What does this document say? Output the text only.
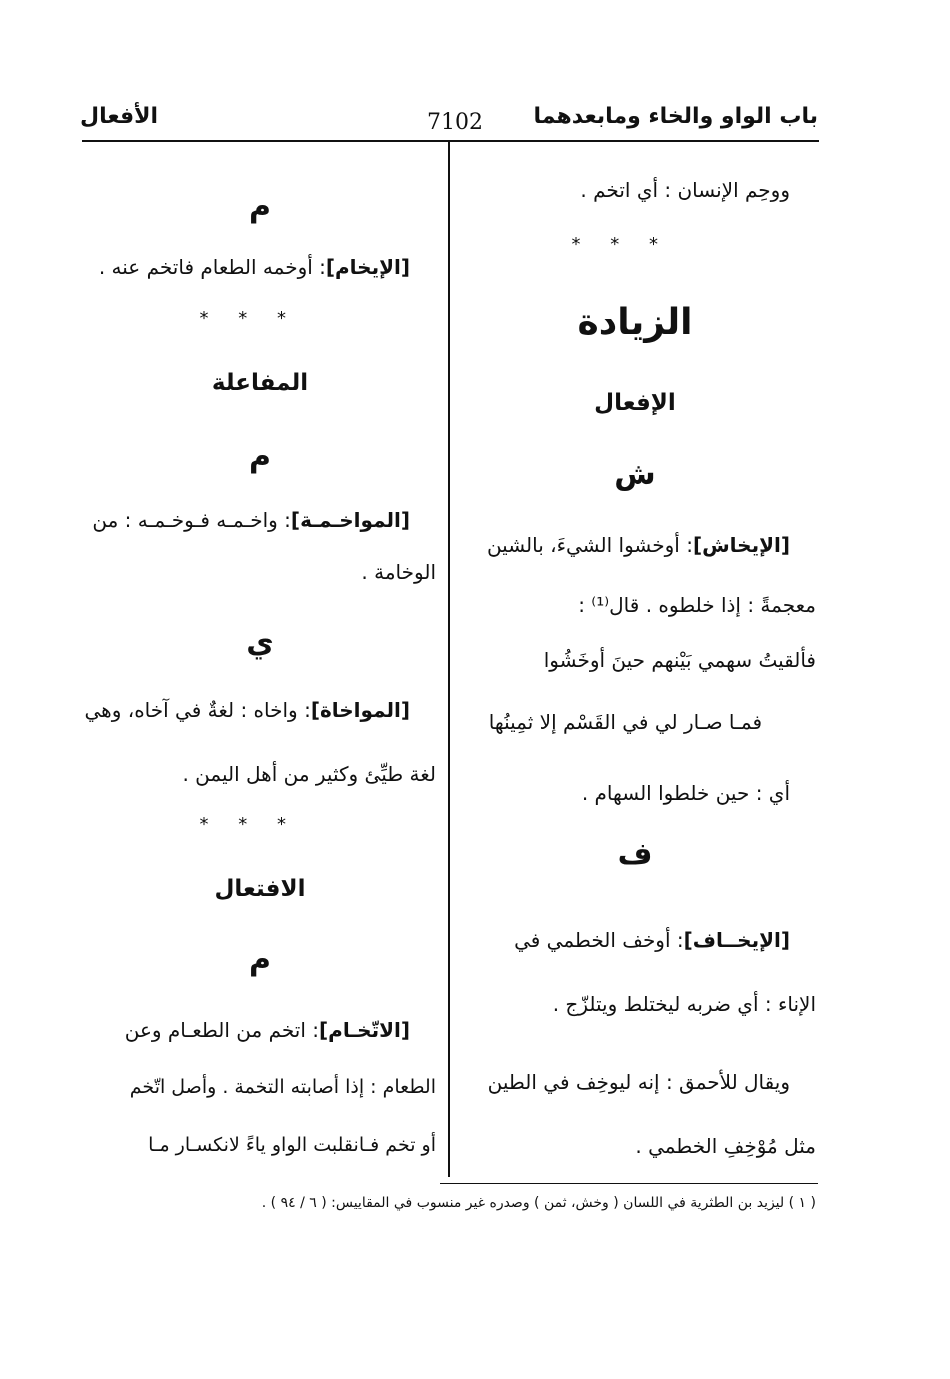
باب الواو والخاء ومابعدهما
7102
الأفعال
ووحِم الإنسان : أي اتخم .
* * *
الزيادة
الإفعال
ش
[الإيخاش]: أوخشوا الشيءَ، بالشين
معجمةً : إذا خلطوه . قال⁽¹⁾ :
فألقيتُ سهمي بَيْنهم حينَ أوخَشُوا
فمـا صـار لي في القَسْم إلا ثمِينُها
أي : حين خلطوا السهام .
ف
[الإيخــاف]: أوخف الخطمي في
الإناء : أي ضربه ليختلط ويتلزّج .
ويقال للأحمق : إنه ليوخِف في الطين
مثل مُوْخِفِ الخطمي .
م
[الإيخام]: أوخمه الطعام فاتخم عنه .
* * *
المفاعلة
م
[المواخـمـة]: واخـمـه فـوخـمـه : من
الوخامة .
ي
[المواخاة]: واخاه : لغةٌ في آخاه، وهي
لغة طيِّئ وكثير من أهل اليمن .
* * *
الافتعال
م
[الاتّخـام]: اتخم من الطعـام وعن
الطعام : إذا أصابته التخمة . وأصل اتّخم
أو تخم فـانقلبت الواو ياءً لانكسـار مـا
( ١ ) ليزيد بن الطثرية في اللسان ( وخش، ثمن ) وصدره غير منسوب في المقاييس: ( ٦ / ٩٤ ) .
